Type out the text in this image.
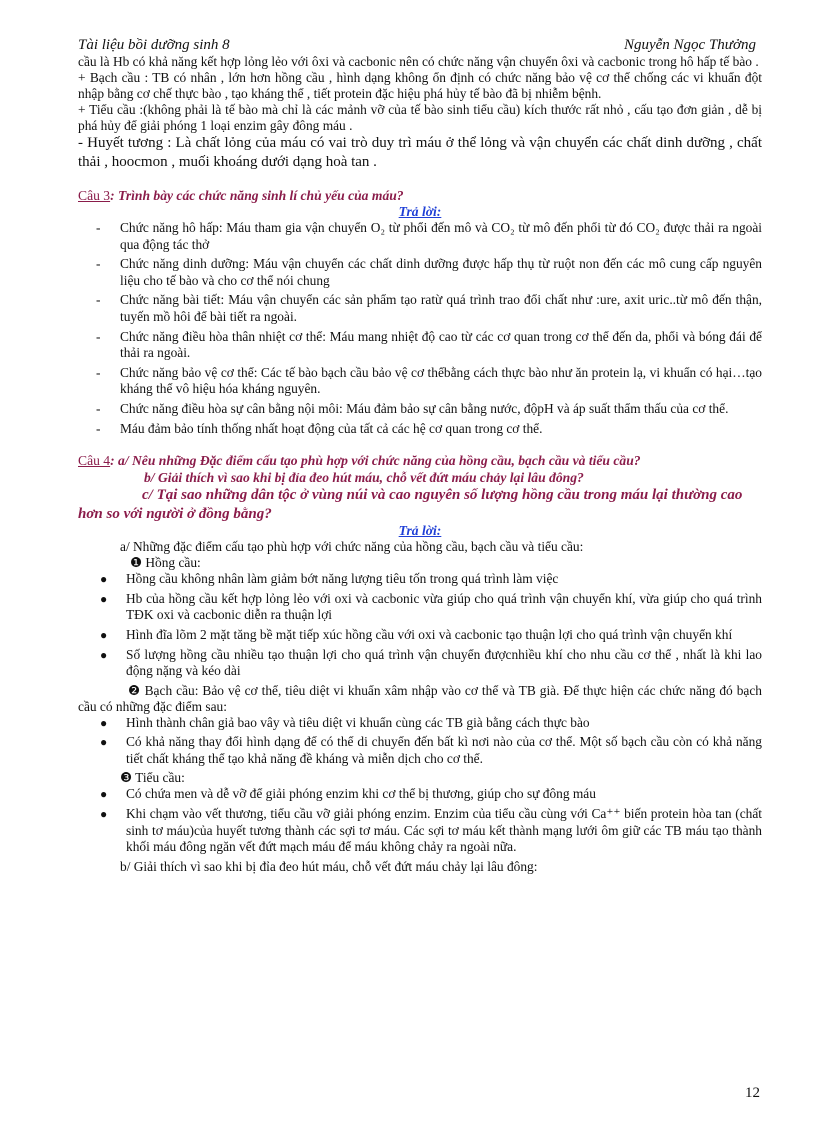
Tài liệu bồi dưỡng sinh 8	Nguyễn Ngọc Thưởng

cầu là Hb có khả năng kết hợp lỏng lẻo với ôxi và cacbonic nên có chức năng vận chuyển ôxi và cacbonic trong hô hấp tế bào .

+ Bạch cầu : TB có nhân , lớn hơn hồng cầu , hình dạng không ổn định có chức năng bảo vệ cơ thể chống các vi khuẩn đột nhập bằng cơ chế thực bào , tạo kháng thể , tiết protein đặc hiệu phá hủy tế bào đã bị nhiễm bệnh.

+ Tiểu cầu :(không phải là tế bào mà chỉ là các mảnh vỡ của tế bào sinh tiểu cầu) kích thước rất nhỏ , cấu tạo đơn giản , dễ bị phá hủy để giải phóng 1 loại enzim gây đông máu .

- Huyết tương : Là chất lỏng của máu có vai trò duy trì máu ở thể lỏng và vận chuyển các chất dinh dưỡng , chất thải , hoocmon , muối khoáng dưới dạng hoà tan .

Câu 3: Trình bày các chức năng sinh lí chủ yếu của máu?

Trả lời:

- Chức năng hô hấp: Máu tham gia vận chuyển O₂ từ phổi đến mô và CO₂ từ mô đến phổi từ đó CO₂ được thải ra ngoài qua động tác thở
- Chức năng dinh dưỡng: Máu vận chuyển các chất dinh dưỡng được hấp thụ từ ruột non đến các mô cung cấp nguyên liệu cho tế bào và cho cơ thể nói chung
- Chức năng bài tiết: Máu vận chuyển các sản phẩm tạo ratừ quá trình trao đổi chất như :ure, axit uric..từ mô đến thận, tuyến mồ hôi để bài tiết ra ngoài.
- Chức năng điều hòa thân nhiệt cơ thể: Máu mang nhiệt độ cao từ các cơ quan trong cơ thể đến da, phổi và bóng đái để thải ra ngoài.
- Chức năng bảo vệ cơ thể: Các tế bào bạch cầu bảo vệ cơ thểbằng cách thực bào như ăn protein lạ, vi khuẩn có hại…tạo kháng thể vô hiệu hóa kháng nguyên.
- Chức năng điều hòa sự cân bằng nội môi: Máu đảm bảo sự cân bằng nước, độpH và áp suất thẩm thấu của cơ thể.
- Máu đảm bảo tính thống nhất hoạt động của tất cả các hệ cơ quan trong cơ thể.

Câu 4: a/ Nêu những Đặc điểm cấu tạo phù hợp với chức năng của hồng cầu, bạch cầu và tiểu cầu?

b/ Giải thích vì sao khi bị đỉa đeo hút máu, chỗ vết đứt máu chảy lại lâu đông?

c/ Tại sao những dân tộc ở vùng núi và cao nguyên số lượng hồng cầu trong máu lại thường cao hơn so với người ở đồng bằng?

Trả lời:

a/ Những đặc điểm cấu tạo phù hợp với chức năng của hồng cầu, bạch cầu và tiểu cầu:

❶ Hồng cầu:

● Hồng cầu không nhân làm giảm bớt năng lượng tiêu tốn trong quá trình làm việc
● Hb của hồng cầu kết hợp lỏng lẻo với oxi và cacbonic vừa giúp cho quá trình vận chuyển khí, vừa giúp cho quá trình TĐK oxi và cacbonic diễn ra thuận lợi
● Hình đĩa lõm 2 mặt tăng bề mặt tiếp xúc hồng cầu với oxi và cacbonic tạo thuận lợi cho quá trình vận chuyển khí
● Số lượng hồng cầu nhiều tạo thuận lợi cho quá trình vận chuyển đượcnhiều khí cho nhu cầu cơ thể , nhất là khi lao động nặng và kéo dài

❷ Bạch cầu: Bảo vệ cơ thể, tiêu diệt vi khuẩn xâm nhập vào cơ thể và TB già. Để thực hiện các chức năng đó bạch cầu có những đặc điểm sau:

● Hình thành chân giả bao vây và tiêu diệt vi khuẩn cùng các TB già bằng cách thực bào
● Có khả năng thay đổi hình dạng để có thể di chuyển đến bất kì nơi nào của cơ thể. Một số bạch cầu còn có khả năng tiết chất kháng thể tạo khả năng đề kháng và miễn dịch cho cơ thể.

❸ Tiểu cầu:

● Có chứa men và dễ vỡ để giải phóng enzim khi cơ thể bị thương, giúp cho sự đông máu
● Khi chạm vào vết thương, tiểu cầu vỡ giải phóng enzim. Enzim của tiểu cầu cùng với Ca⁺⁺ biến protein hòa tan (chất sinh tơ máu)của huyết tương thành các sợi tơ máu. Các sợi tơ máu kết thành mạng lưới ôm giữ các TB máu tạo thành khối máu đông ngăn vết đứt mạch máu để máu không chảy ra ngoài nữa.

b/ Giải thích vì sao khi bị đỉa đeo hút máu, chỗ vết đứt máu chảy lại lâu đông:

12
